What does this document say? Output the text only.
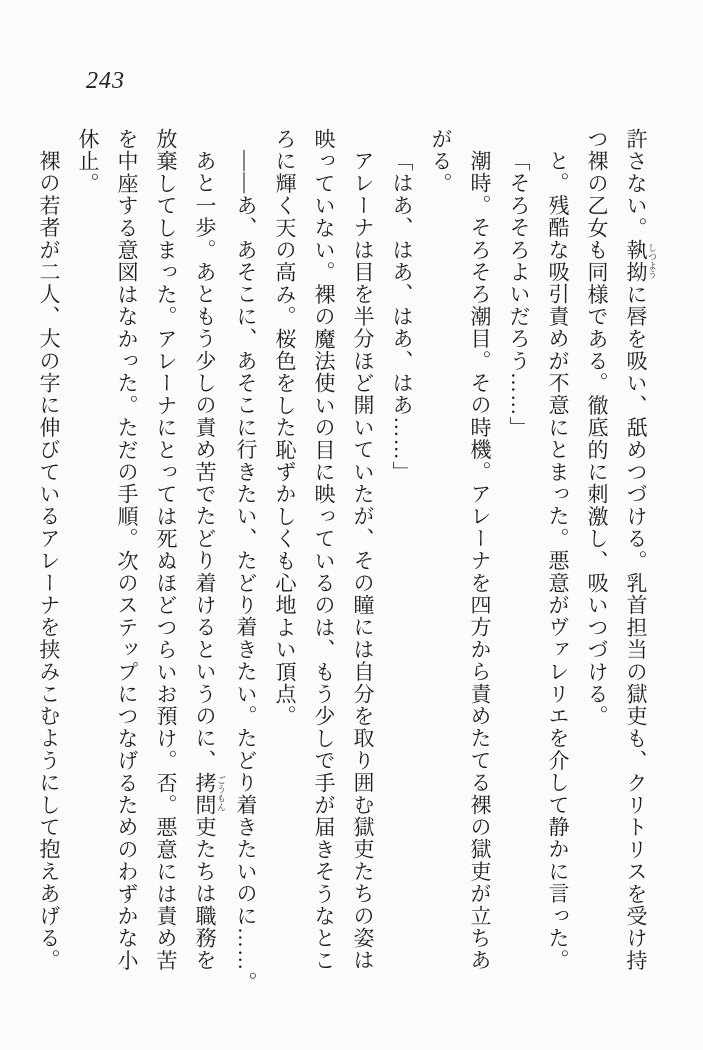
243
許さない。執拗 しつように唇を吸い、舐めつづける。乳首担当の獄吏も、クリトリスを受け持
つ裸の乙女も同様である。徹底的に刺激し、吸いつづける。
と。残酷な吸引責めが不意にとまった。悪意がヴァレリエを介して静かに言った。
「そろそろよいだろう……」
潮時。そろそろ潮目。その時機。アレーナを四方から責めたてる裸の獄吏が立ちあ
がる。
「はあ、はあ、はあ、はあ……」
アレーナは目を半分ほど開いていたが、その瞳には自分を取り囲む獄吏たちの姿は
映っていない。裸の魔法使いの目に映っているのは、もう少しで手が届きそうなとこ
ろに輝く天の高み。桜色をした恥ずかしくも心地よい頂点。
――あ、あそこに、あそこに行きたい、たどり着きたい。たどり着きたいのに……。
あと一歩。あともう少しの責め苦でたどり着けるというのに、拷問 ごうもん吏たちは職務を
放棄してしまった。アレーナにとっては死ぬほどつらいお預け。否。悪意には責め苦
を中座する意図はなかった。ただの手順。次のステップにつなげるためのわずかな小
休止。
裸の若者が二人、大の字に伸びているアレーナを挟みこむようにして抱えあげる。
